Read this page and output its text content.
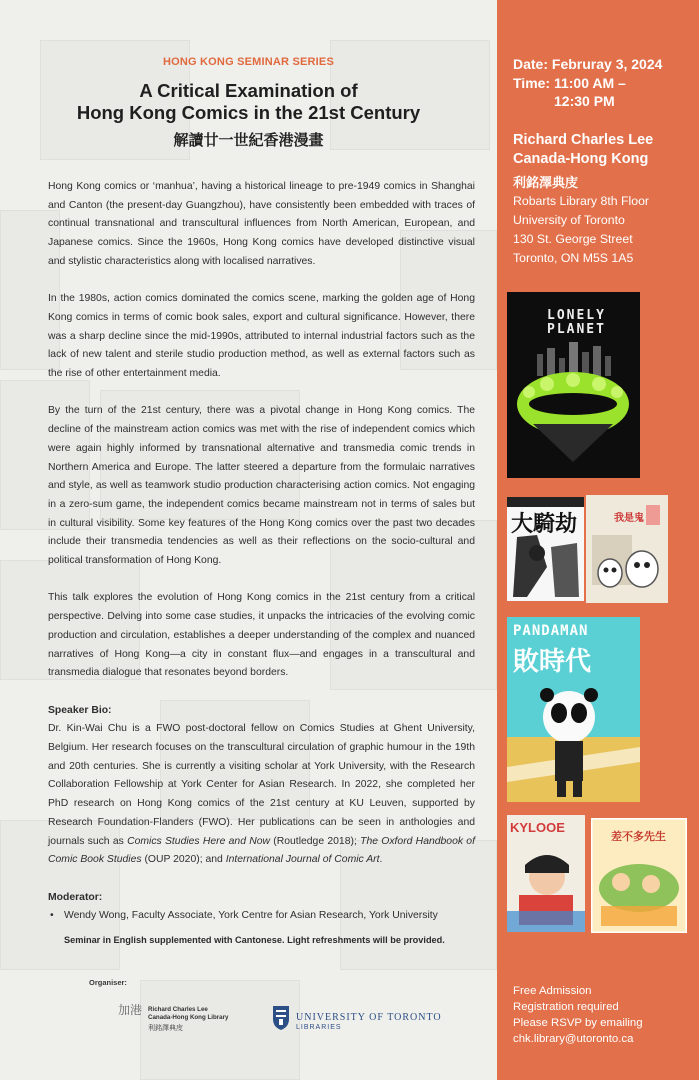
HONG KONG SEMINAR SERIES
A Critical Examination of
Hong Kong Comics in the 21st Century
解讀廿一世紀香港漫畫

Hong Kong comics or ‘manhua’, having a historical lineage to pre-1949 comics in Shanghai and Canton (the present-day Guangzhou), have consistently been embedded with traces of continual transnational and transcultural influences from North American, European, and Japanese comics. Since the 1960s, Hong Kong comics have developed distinctive visual and stylistic characteristics along with localised narratives.

In the 1980s, action comics dominated the comics scene, marking the golden age of Hong Kong comics in terms of comic book sales, export and cultural significance. However, there was a sharp decline since the mid-1990s, attributed to internal industrial factors such as the lack of new talent and sterile studio production method, as well as external factors such as the rise of other entertainment media.

By the turn of the 21st century, there was a pivotal change in Hong Kong comics. The decline of the mainstream action comics was met with the rise of independent comics which were again highly informed by transnational alternative and transmedia comic trends in Northern America and Europe. The latter steered a departure from the formulaic narratives and style, as well as teamwork studio production characterising action comics. Not engaging in a zero-sum game, the independent comics became mainstream not in terms of sales but in cultural visibility. Some key features of the Hong Kong comics over the past two decades include their transmedia tendencies as well as their reflections on the socio-cultural and political transformation of Hong Kong.

This talk explores the evolution of Hong Kong comics in the 21st century from a critical perspective. Delving into some case studies, it unpacks the intricacies of the evolving comic production and circulation, establishes a deeper understanding of the complex and nuanced narratives of Hong Kong—a city in constant flux—and engages in a transcultural and transmedia dialogue that resonates beyond borders.

Speaker Bio:

Dr. Kin-Wai Chu is a FWO post-doctoral fellow on Comics Studies at Ghent University, Belgium. Her research focuses on the transcultural circulation of graphic humour in the 19th and 20th centuries. She is currently a visiting scholar at York University, with the Research Collaboration Fellowship at York Center for Asian Research. In 2022, she completed her PhD research on Hong Kong comics of the 21st century at KU Leuven, supported by Research Foundation-Flanders (FWO). Her publications can be seen in anthologies and journals such as Comics Studies Here and Now (Routledge 2018); The Oxford Handbook of Comic Book Studies (OUP 2020); and International Journal of Comic Art.

Moderator:
• Wendy Wong, Faculty Associate, York Centre for Asian Research, York University
Seminar in English supplemented with Cantonese. Light refreshments will be provided.
Organiser:
加港 Richard Charles Lee
Canada-Hong Kong Library
利銘澤典庋
UNIVERSITY OF TORONTO
LIBRARIES
Date: Februray 3, 2024
Time: 11:00 AM –
12:30 PM
Richard Charles Lee
Canada-Hong Kong
利銘澤典庋
Robarts Library 8th Floor
University of Toronto
130 St. George Street
Toronto, ON M5S 1A5
LONELY
PLANET
大騎劫	我是鬼
PANDAMAN
敗時代
KYLOOE
差不多先生
Free Admission
Registration required
Please RSVP by emailing
chk.library@utoronto.ca
